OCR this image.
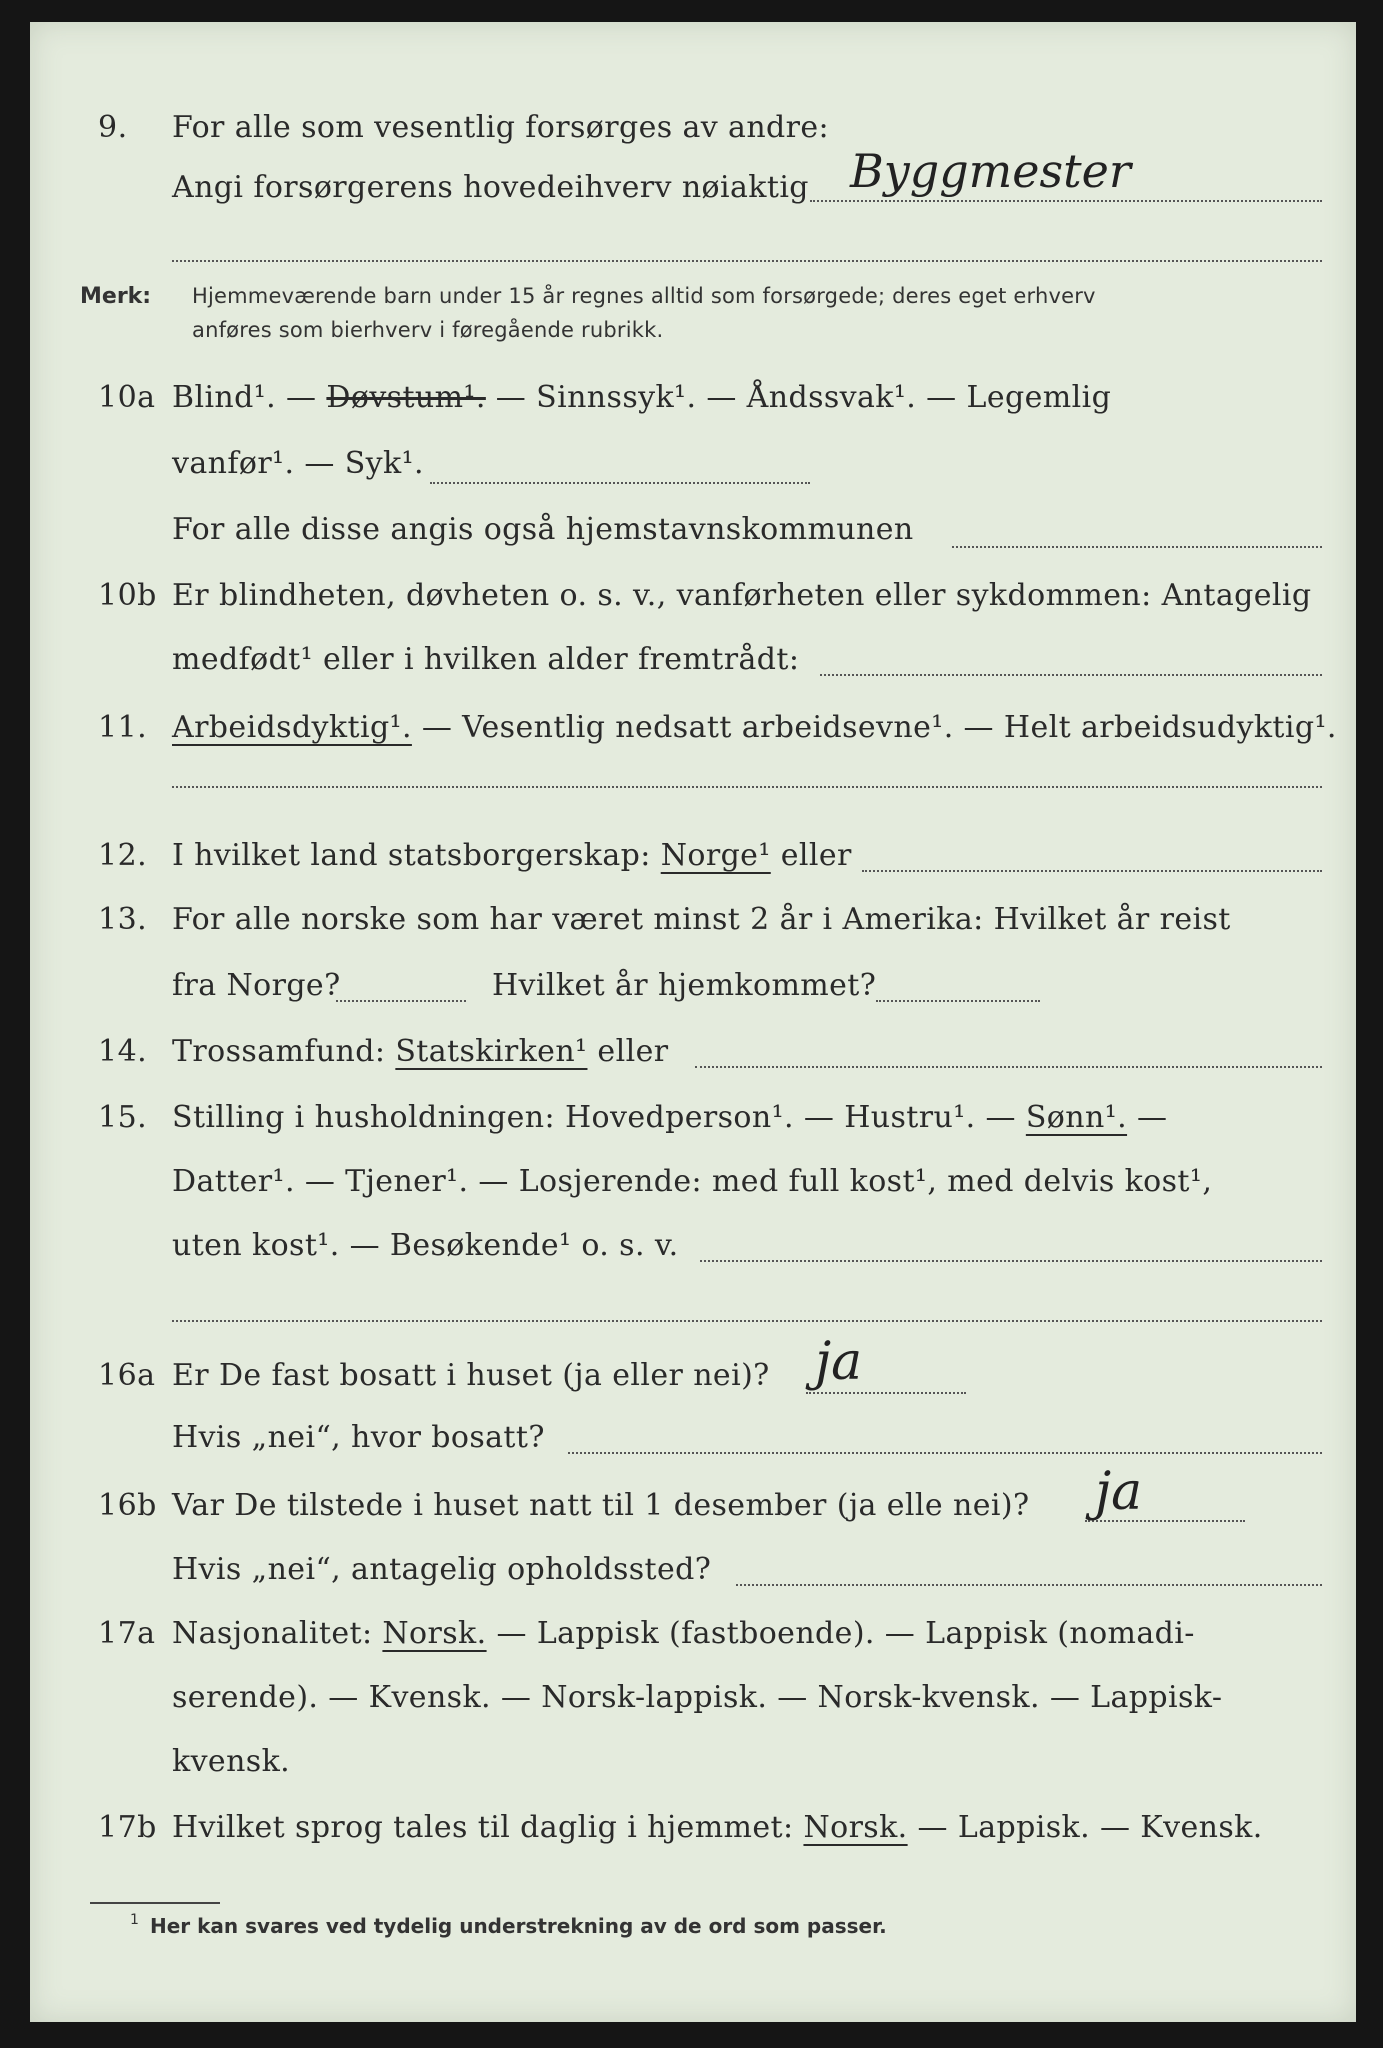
9. For alle som vesentlig forsørges av andre:
Angi forsørgerens hovedeihverv nøiaktig Byggmester
Merk: Hjemmeværende barn under 15 år regnes alltid som forsørgede; deres eget erhverv
anføres som bierhverv i føregående rubrikk.
10a Blind¹. — Døvstum¹. — Sinnssyk¹. — Åndssvak¹. — Legemlig
vanfør¹. — Syk¹.
For alle disse angis også hjemstavnskommunen
10b Er blindheten, døvheten o. s. v., vanførheten eller sykdommen: Antagelig
medfødt¹ eller i hvilken alder fremtrådt:
11. Arbeidsdyktig¹. — Vesentlig nedsatt arbeidsevne¹. — Helt arbeidsudyktig¹.
12. I hvilket land statsborgerskap: Norge¹ eller
13. For alle norske som har været minst 2 år i Amerika: Hvilket år reist
fra Norge?	Hvilket år hjemkommet?
14. Trossamfund: Statskirken¹ eller
15. Stilling i husholdningen: Hovedperson¹. — Hustru¹. — Sønn¹. —
Datter¹. — Tjener¹. — Losjerende: med full kost¹, med delvis kost¹,
uten kost¹. — Besøkende¹ o. s. v.
16a Er De fast bosatt i huset (ja eller nei)? ja
Hvis „nei“, hvor bosatt?
16b Var De tilstede i huset natt til 1 desember (ja elle nei)? ja
Hvis „nei“, antagelig opholdssted?
17a Nasjonalitet: Norsk. — Lappisk (fastboende). — Lappisk (nomadi-
serende). — Kvensk. — Norsk-lappisk. — Norsk-kvensk. — Lappisk-
kvensk.
17b Hvilket sprog tales til daglig i hjemmet: Norsk. — Lappisk. — Kvensk.
1 Her kan svares ved tydelig understrekning av de ord som passer.
